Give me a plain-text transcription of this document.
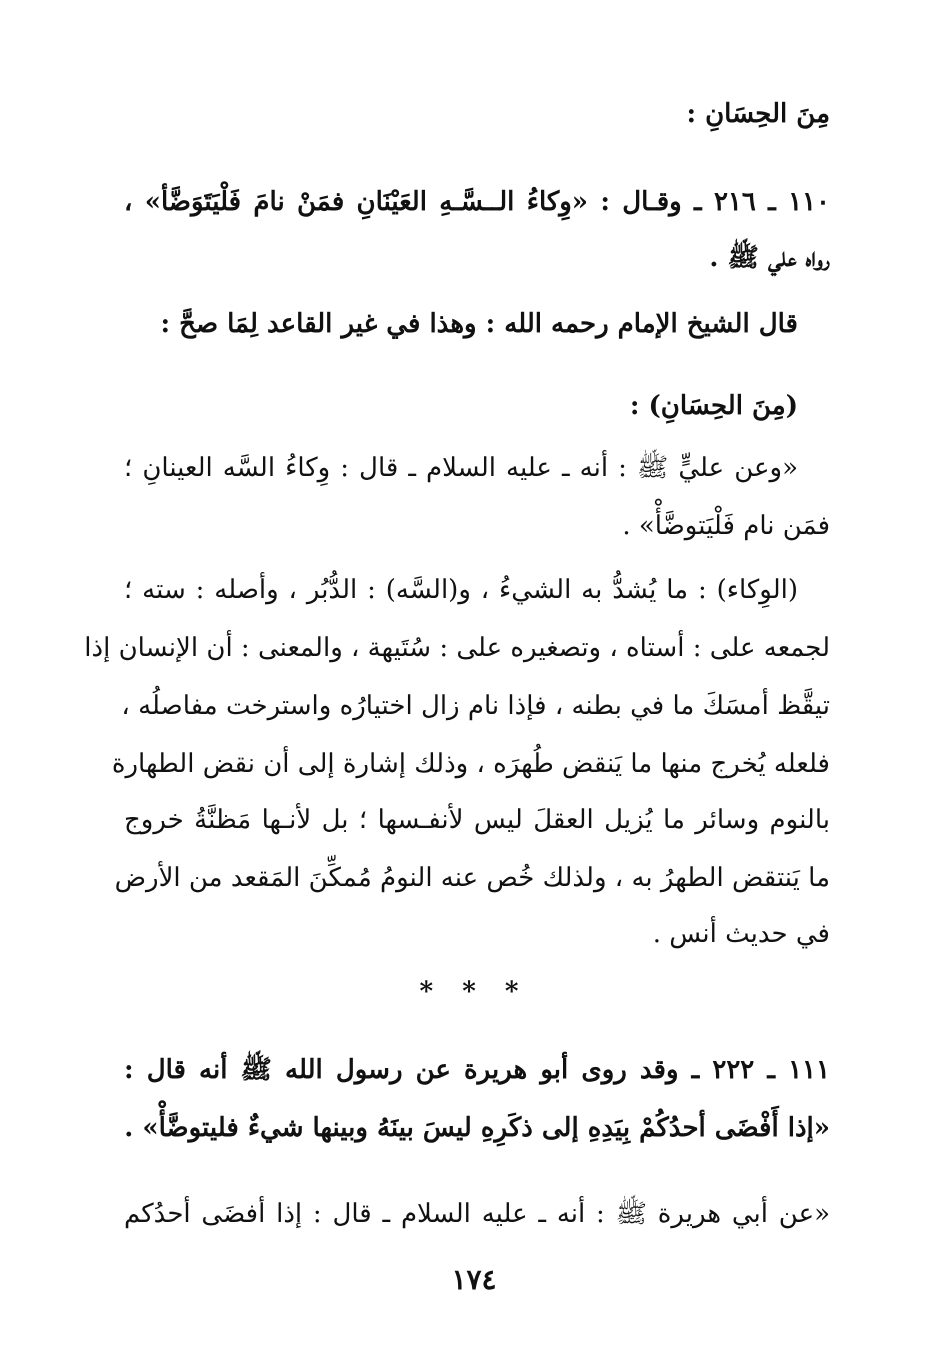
مِنَ الحِسَانِ :
١١٠ ـ ٢١٦ ـ وقـال : «وِكاءُ الــسَّـهِ العَيْنَانِ فمَنْ نامَ فَلْيَتَوَضَّأ» ،
رواه علي ﷺ .
قال الشيخ الإمام رحمه الله : وهذا في غير القاعد لِمَا صحَّ :
(مِنَ الحِسَانِ) :
«وعن عليٍّ ﷺ : أنه ـ عليه السلام ـ قال : وِكاءُ السَّه العينانِ ؛
فمَن نام فَلْيَتوضَّأْ» .
(الوِكاء) : ما يُشدُّ به الشيءُ ، و(السَّه) : الدُّبُر ، وأصله : سته ؛
لجمعه على : أستاه ، وتصغيره على : سُتَيهة ، والمعنى : أن الإنسان إذا
تيقَّظ أمسَكَ ما في بطنه ، فإذا نام زال اختيارُه واسترخت مفاصلُه ،
فلعله يُخرج منها ما يَنقض طُهرَه ، وذلك إشارة إلى أن نقض الطهارة
بالنوم وسائر ما يُزيل العقلَ ليس لأنفـسها ؛ بل لأنـها مَظنَّةُ خروج
ما يَنتقض الطهرُ به ، ولذلك خُص عنه النومُ مُمكِّنَ المَقعد من الأرض
في حديث أنس .
* * *
١١١ ـ ٢٢٢ ـ وقد روى أبو هريرة عن رسول الله ﷺ أنه قال :
«إذا أَفْضَى أحدُكُمْ بِيَدِهِ إلى ذكَرِهِ ليسَ بينَهُ وبينها شيءٌ فليتوضَّأْ» .
«عن أبي هريرة ﷺ : أنه ـ عليه السلام ـ قال : إذا أفضَى أحدُكم
١٧٤
